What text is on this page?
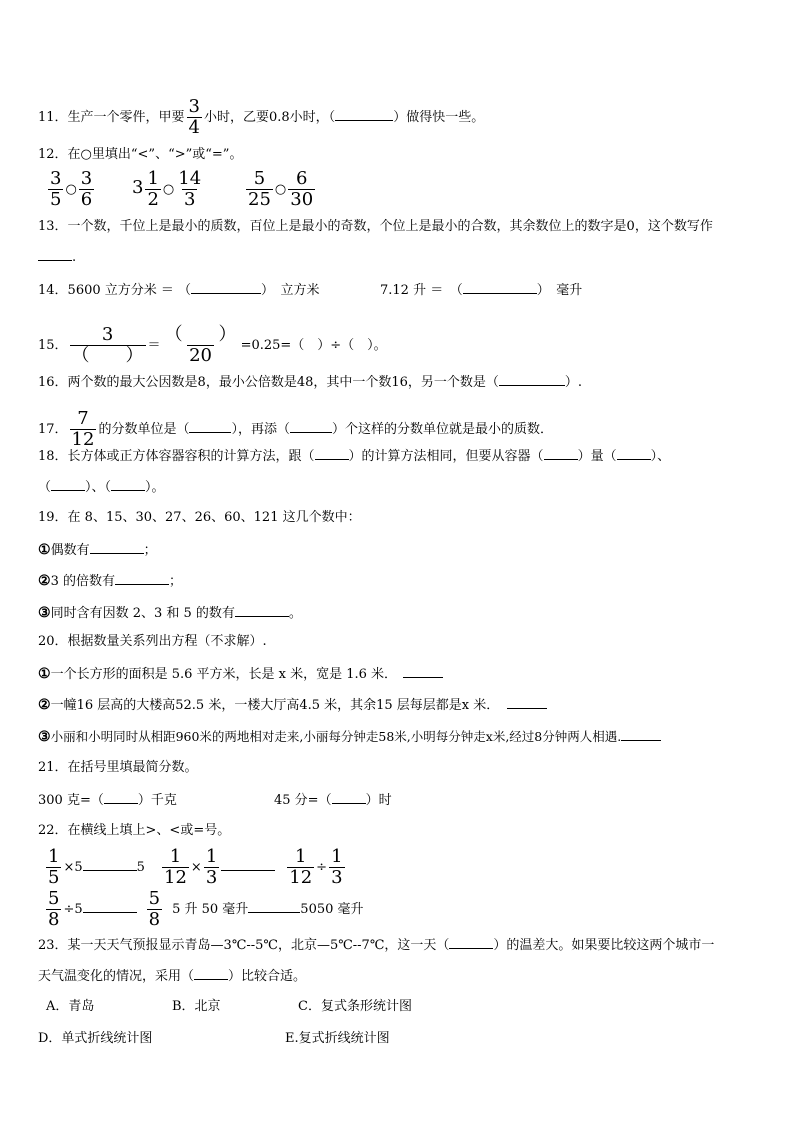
11．生产一个零件，甲要 $\frac{3}{4}$ 小时，乙要0.8小时，（	）做得快一些。
12．在○里填出“<”、“>”或“=”。
$\frac{3}{5}$ ○ $\frac{3}{6} 3 \frac{1}{2}$ ○ $\frac{14}{3} \frac{5}{25}$ ○ $\frac{6}{30}$
13．一个数，千位上是最小的质数，百位上是最小的奇数，个位上是最小的合数，其余数位上的数字是0，这个数写作
.
14．5600 立方分米 ＝ （	）　立方米	7.12 升 ＝　（	）　毫升
15． $\frac{3}{( )} = \frac{( )}{20} =0.25=$（　）÷（　）。
16．两个数的最大公因数是8，最小公倍数是48，其中一个数16，另一个数是（	）.
17． $\frac{7}{12}$ 的分数单位是（	），再添（	）个这样的分数单位就是最小的质数．
18．长方体或正方体容器容积的计算方法，跟（	）的计算方法相同，但要从容器（	）量（	）、
（	）、（	）。
19．在 8、15、30、27、26、60、121 这几个数中：
①偶数有	；
②3 的倍数有	；
③同时含有因数 2、3 和 5 的数有	。
20．根据数量关系列出方程（不求解）.
①一个长方形的面积是 5.6 平方米，长是 x 米，宽是 1.6 米．
②一幢16 层高的大楼高52.5 米，一楼大厅高4.5 米，其余15 层每层都是x 米．
③小丽和小明同时从相距960米的两地相对走来,小丽每分钟走58米,小明每分钟走x米,经过8分钟两人相遇.
21．在括号里填最简分数。
300 克=（	）千克	45 分=（	）时
22．在横线上填上>、<或=号。
$\frac{1}{5} \times 5$	$5 \frac{1}{12} \times \frac{1}{3}$	$\frac{1}{12} \div \frac{1}{3}$
$\frac{5}{8} \div 5$	$\frac{5}{8} 5$ 升 50 毫升	5050 毫升
23．某一天天气预报显示青岛—3℃--5℃，北京—5℃--7℃，这一天（	）的温差大。如果要比较这两个城市一
天气温变化的情况，采用（	）比较合适。
A．青岛	B．北京	C．复式条形统计图
D．单式折线统计图	E.复式折线统计图
